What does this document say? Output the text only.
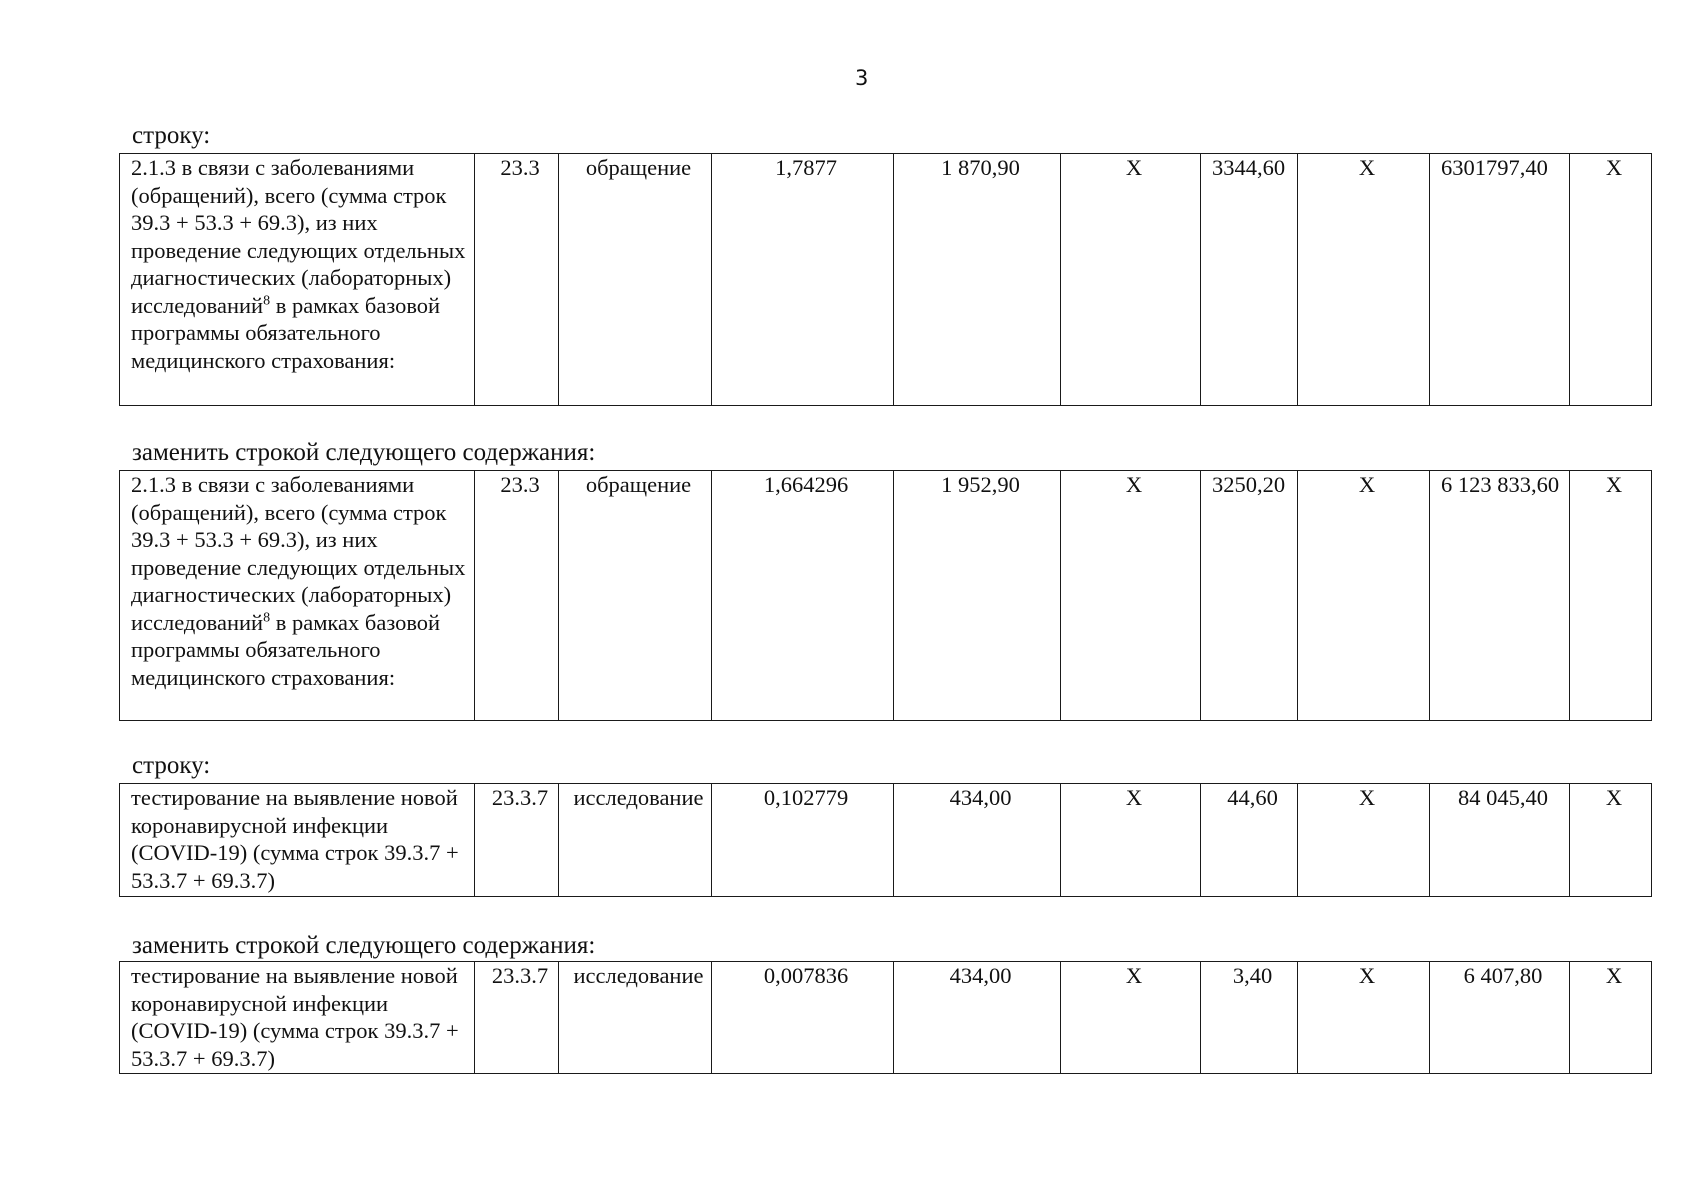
3
строку:
2.1.3 в связи с заболеваниями (обращений), всего (сумма строк 39.3 + 53.3 + 69.3), из них проведение следующих отдельных диагностических (лабораторных) исследований$^8$ в рамках базовой программы обязательного медицинского страхования:	23.3	обращение	1,7877	1 870,90	X	3344,60	X	6301797,40	X
заменить строкой следующего содержания:
2.1.3 в связи с заболеваниями (обращений), всего (сумма строк 39.3 + 53.3 + 69.3), из них проведение следующих отдельных диагностических (лабораторных) исследований$^8$ в рамках базовой программы обязательного медицинского страхования:	23.3	обращение	1,664296	1 952,90	X	3250,20	X	6 123 833,60	X
строку:
тестирование на выявление новой коронавирусной инфекции (COVID-19) (сумма строк 39.3.7 + 53.3.7 + 69.3.7)	23.3.7	исследование	0,102779	434,00	X	44,60	X	84 045,40	X
заменить строкой следующего содержания:
тестирование на выявление новой коронавирусной инфекции (COVID-19) (сумма строк 39.3.7 + 53.3.7 + 69.3.7)	23.3.7	исследование	0,007836	434,00	X	3,40	X	6 407,80	X
